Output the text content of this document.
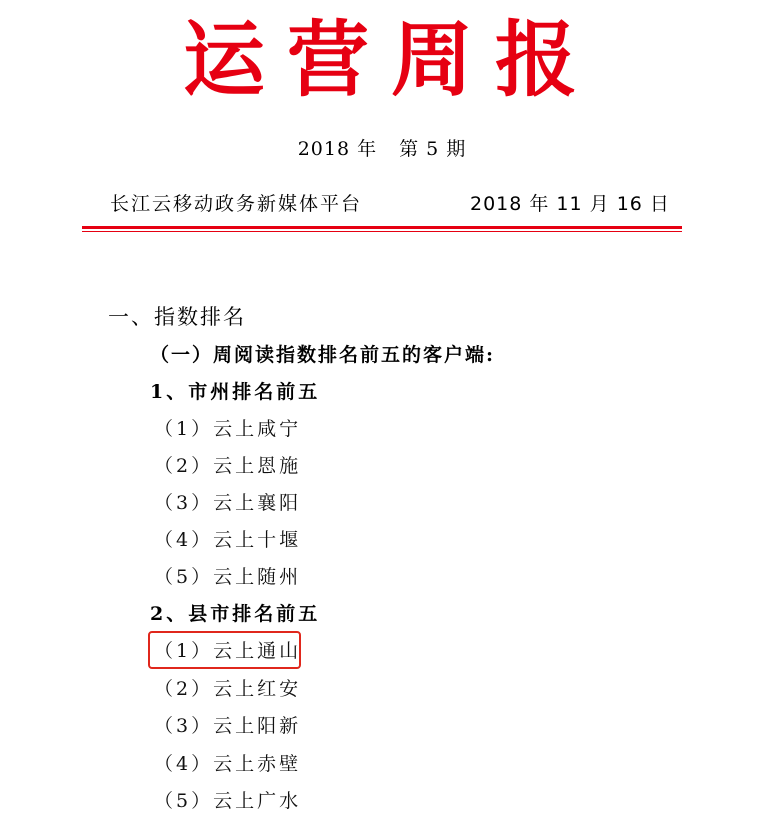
运营周报
2018 年 第 5 期
长江云移动政务新媒体平台	2018 年 11 月 16 日
一、指数排名
（一）周阅读指数排名前五的客户端:
1、市州排名前五
（1）云上咸宁
（2）云上恩施
（3）云上襄阳
（4）云上十堰
（5）云上随州
2、县市排名前五
（1）云上通山
（2）云上红安
（3）云上阳新
（4）云上赤壁
（5）云上广水
